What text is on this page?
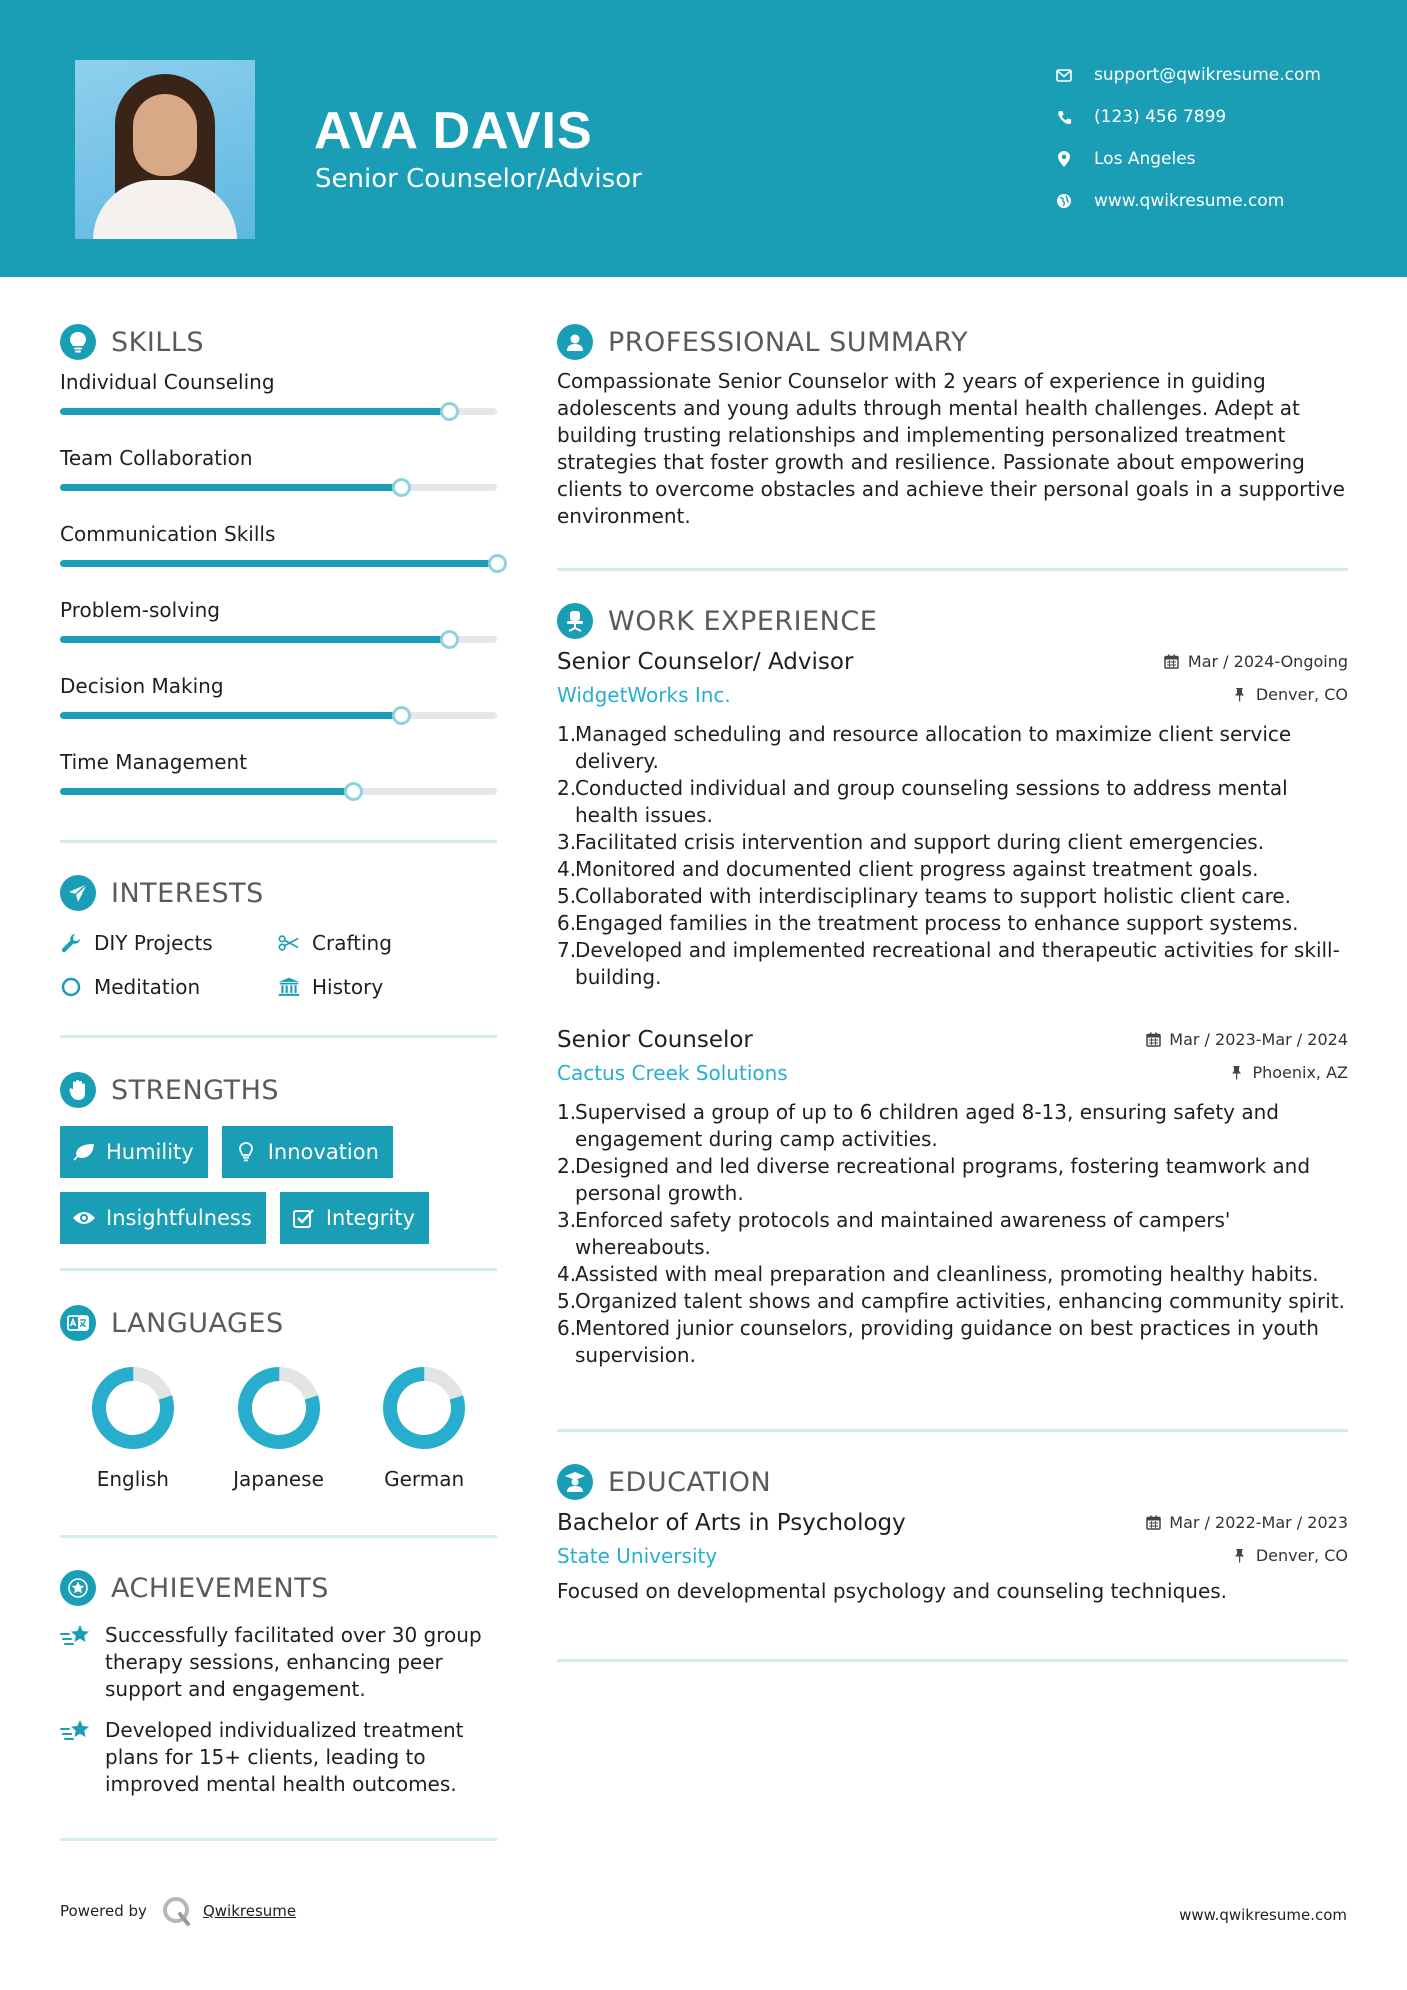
AVA DAVIS
Senior Counselor/Advisor
support@qwikresume.com
(123) 456 7899
Los Angeles
www.qwikresume.com
SKILLS
Individual Counseling
Team Collaboration
Communication Skills
Problem-solving
Decision Making
Time Management
INTERESTS
DIY Projects	Crafting
Meditation	History
STRENGTHS
Humility	Innovation
Insightfulness	Integrity
LANGUAGES
English	Japanese	German
ACHIEVEMENTS
Successfully facilitated over 30 group therapy sessions, enhancing peer support and engagement.
Developed individualized treatment plans for 15+ clients, leading to improved mental health outcomes.
PROFESSIONAL SUMMARY

Compassionate Senior Counselor with 2 years of experience in guiding adolescents and young adults through mental health challenges. Adept at building trusting relationships and implementing personalized treatment strategies that foster growth and resilience. Passionate about empowering clients to overcome obstacles and achieve their personal goals in a supportive environment.

WORK EXPERIENCE
Senior Counselor/ Advisor	Mar / 2024-Ongoing
WidgetWorks Inc.	Denver, CO
1.
Managed scheduling and resource allocation to maximize client service delivery.
2.
Conducted individual and group counseling sessions to address mental health issues.
3.
Facilitated crisis intervention and support during client emergencies.
4.
Monitored and documented client progress against treatment goals.
5.
Collaborated with interdisciplinary teams to support holistic client care.
6.
Engaged families in the treatment process to enhance support systems.
7.
Developed and implemented recreational and therapeutic activities for skill-building.
Senior Counselor	Mar / 2023-Mar / 2024
Cactus Creek Solutions	Phoenix, AZ
1.
Supervised a group of up to 6 children aged 8-13, ensuring safety and engagement during camp activities.
2.
Designed and led diverse recreational programs, fostering teamwork and personal growth.
3.
Enforced safety protocols and maintained awareness of campers' whereabouts.
4.
Assisted with meal preparation and cleanliness, promoting healthy habits.
5.
Organized talent shows and campfire activities, enhancing community spirit.
6.
Mentored junior counselors, providing guidance on best practices in youth supervision.
EDUCATION
Bachelor of Arts in Psychology	Mar / 2022-Mar / 2023
State University	Denver, CO

Focused on developmental psychology and counseling techniques.

Powered by	Qwikresume	www.qwikresume.com
